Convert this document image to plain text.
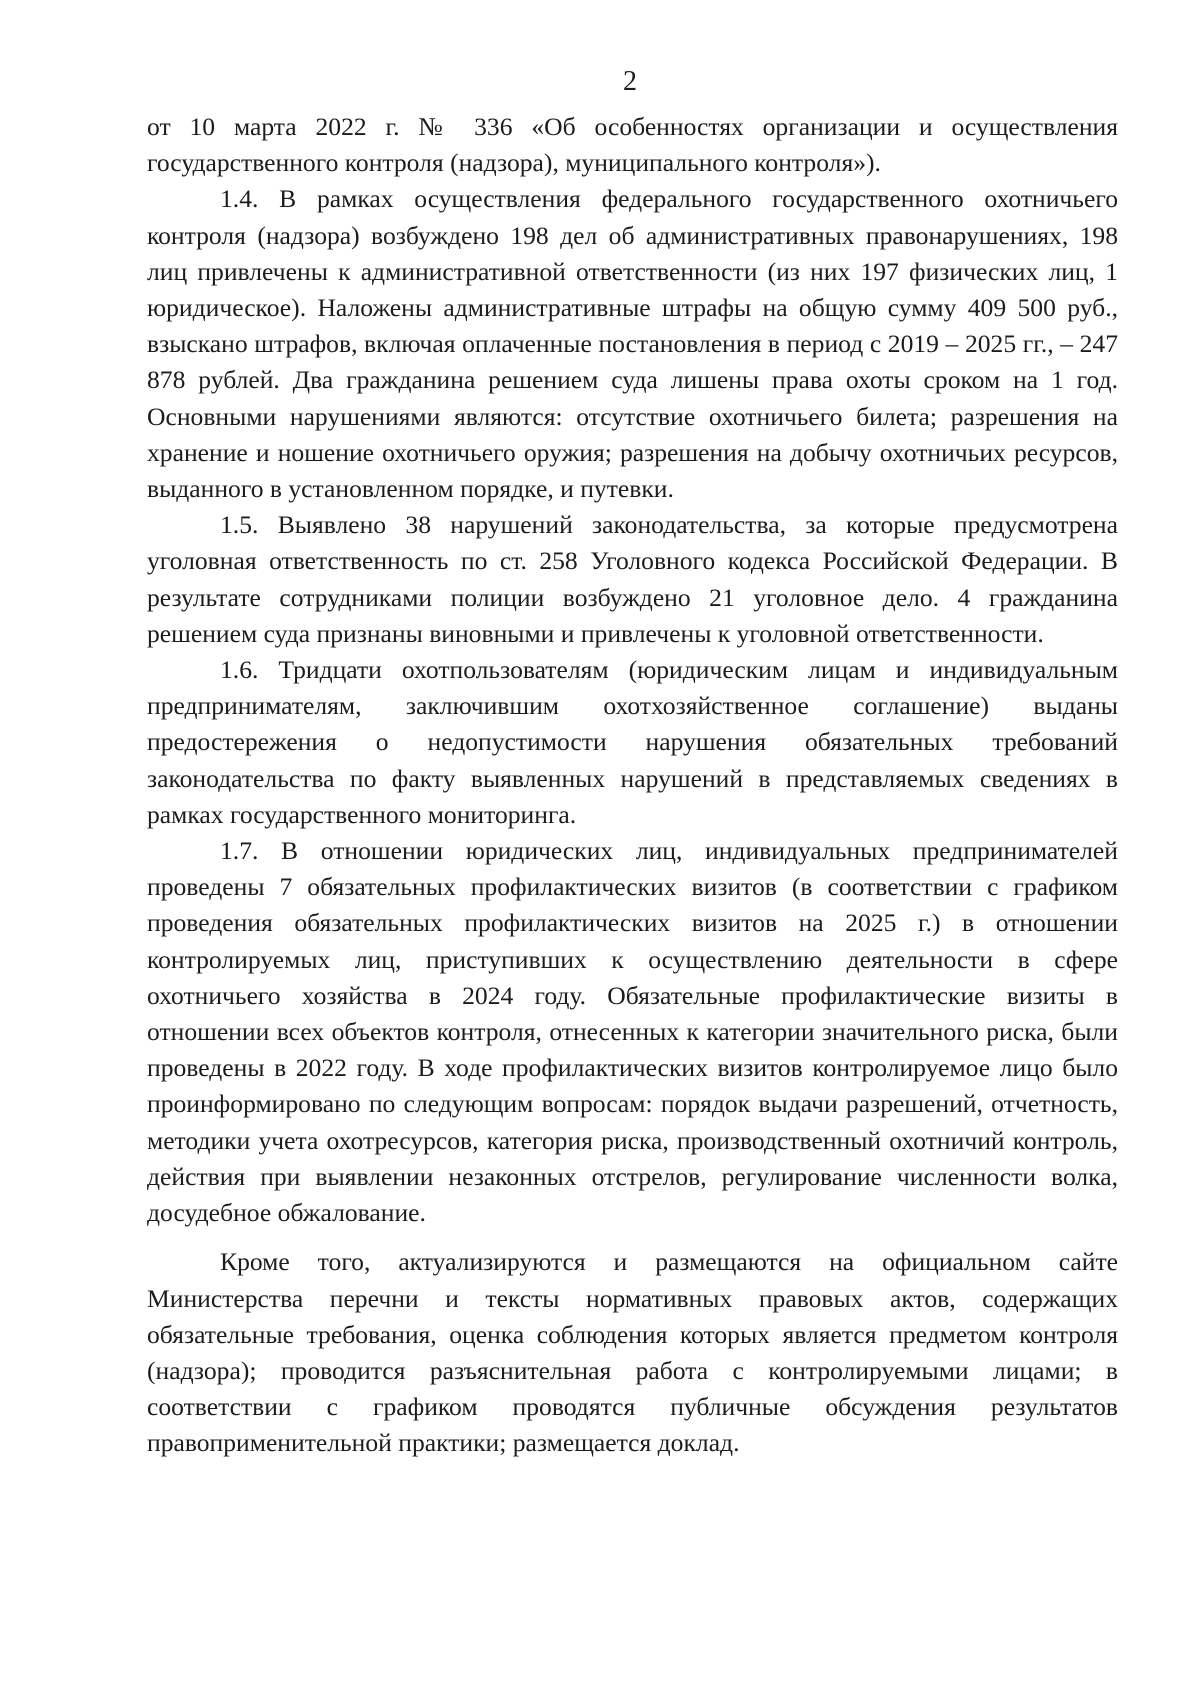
2

от 10 марта 2022 г. № 336 «Об особенностях организации и осуществления государственного контроля (надзора), муниципального контроля»).

1.4. В рамках осуществления федерального государственного охотничьего контроля (надзора) возбуждено 198 дел об административных правонарушениях, 198 лиц привлечены к административной ответственности (из них 197 физических лиц, 1 юридическое). Наложены административные штрафы на общую сумму 409 500 руб., взыскано штрафов, включая оплаченные постановления в период с 2019 – 2025 гг., – 247 878 рублей. Два гражданина решением суда лишены права охоты сроком на 1 год. Основными нарушениями являются: отсутствие охотничьего билета; разрешения на хранение и ношение охотничьего оружия; разрешения на добычу охотничьих ресурсов, выданного в установленном порядке, и путевки.

1.5. Выявлено 38 нарушений законодательства, за которые предусмотрена уголовная ответственность по ст. 258 Уголовного кодекса Российской Федерации. В результате сотрудниками полиции возбуждено 21 уголовное дело. 4 гражданина решением суда признаны виновными и привлечены к уголовной ответственности.

1.6. Тридцати охотпользователям (юридическим лицам и индивидуальным предпринимателям, заключившим охотхозяйственное соглашение) выданы предостережения о недопустимости нарушения обязательных требований законодательства по факту выявленных нарушений в представляемых сведениях в рамках государственного мониторинга.

1.7. В отношении юридических лиц, индивидуальных предпринимателей проведены 7 обязательных профилактических визитов (в соответствии с графиком проведения обязательных профилактических визитов на 2025 г.) в отношении контролируемых лиц, приступивших к осуществлению деятельности в сфере охотничьего хозяйства в 2024 году. Обязательные профилактические визиты в отношении всех объектов контроля, отнесенных к категории значительного риска, были проведены в 2022 году. В ходе профилактических визитов контролируемое лицо было проинформировано по следующим вопросам: порядок выдачи разрешений, отчетность, методики учета охотресурсов, категория риска, производственный охотничий контроль, действия при выявлении незаконных отстрелов, регулирование численности волка, досудебное обжалование.

Кроме того, актуализируются и размещаются на официальном сайте Министерства перечни и тексты нормативных правовых актов, содержащих обязательные требования, оценка соблюдения которых является предметом контроля (надзора); проводится разъяснительная работа с контролируемыми лицами; в соответствии с графиком проводятся публичные обсуждения результатов правоприменительной практики; размещается доклад.
